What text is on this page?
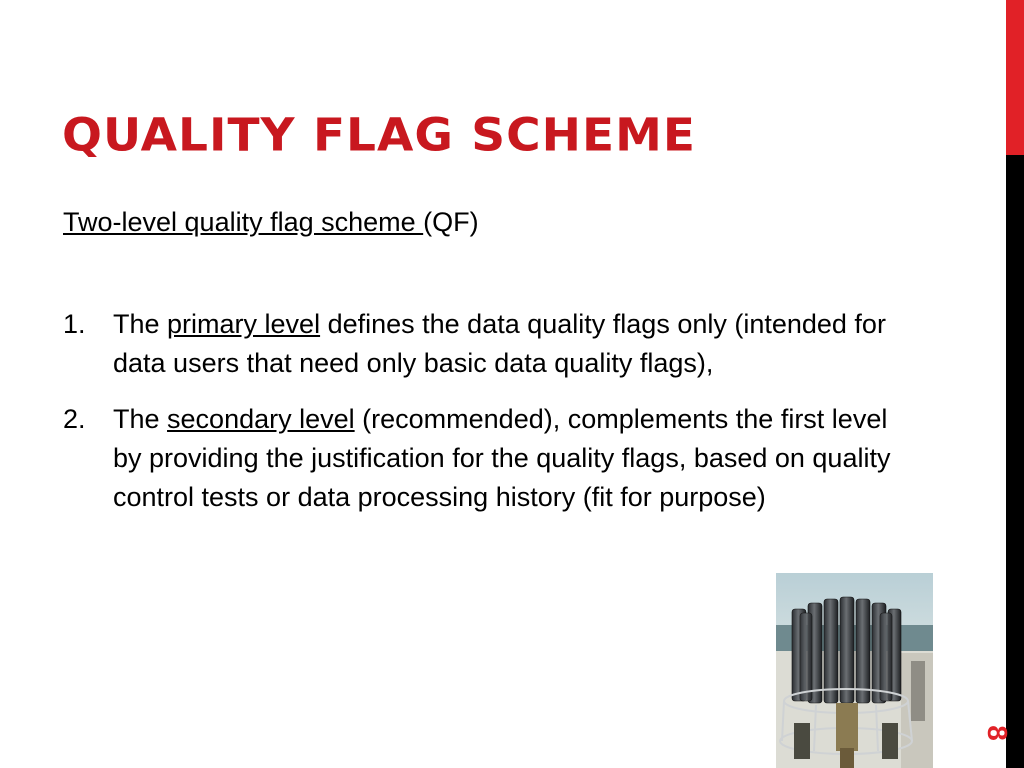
QUALITY FLAG SCHEME
Two-level quality flag scheme (QF)
1. The primary level defines the data quality flags only (intended for data users that need only basic data quality flags),
2. The secondary level (recommended), complements the first level by providing the justification for the quality flags, based on quality control tests or data processing history (fit for purpose)
8
